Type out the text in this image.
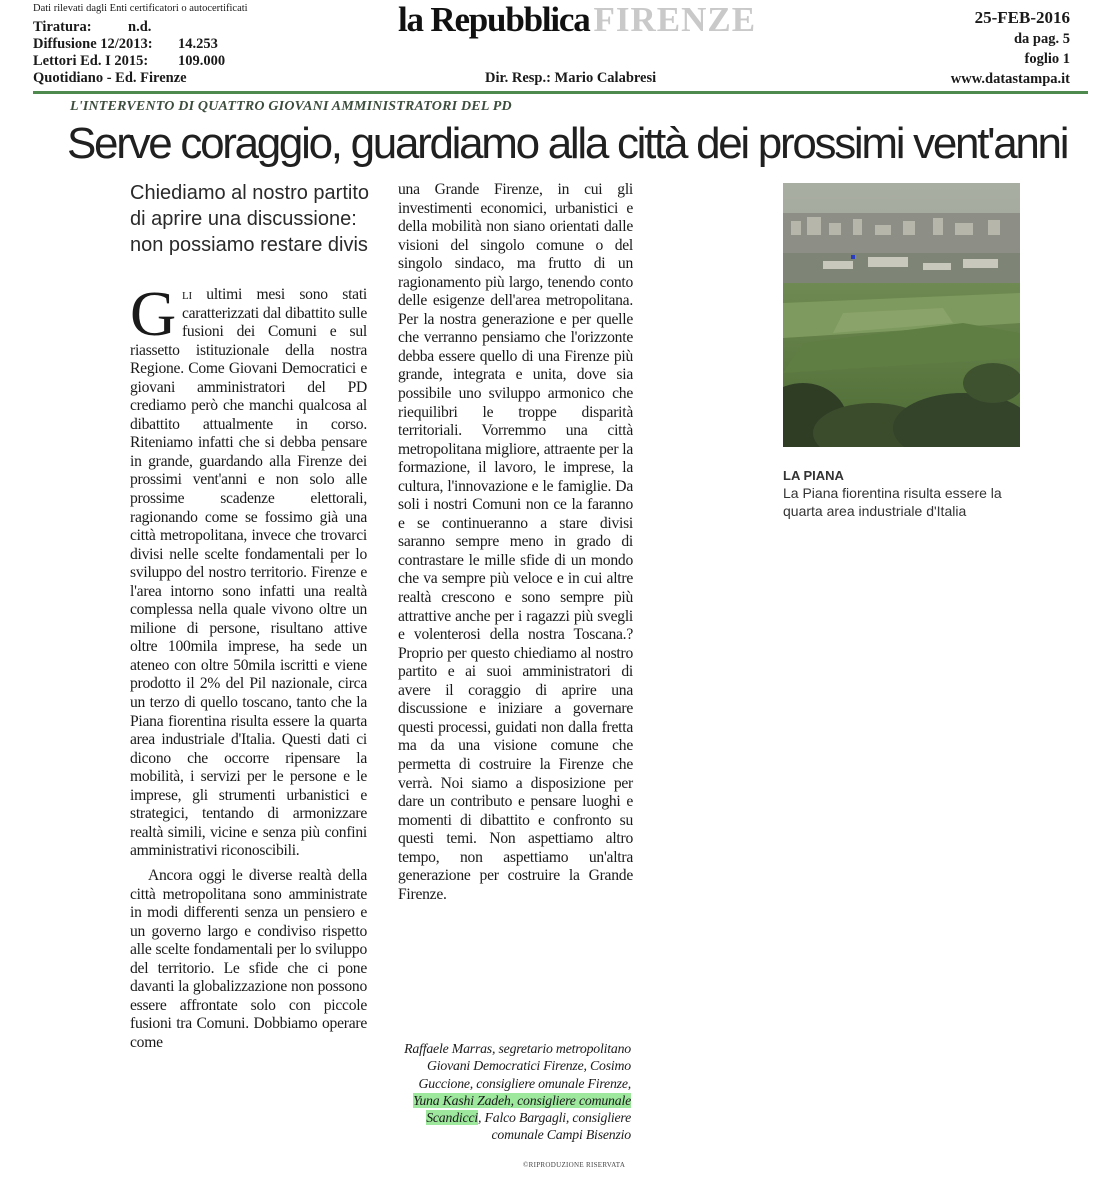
Dati rilevati dagli Enti certificatori o autocertificati
Tiratura:	n.d.
Diffusione 12/2013: 14.253
Lettori Ed. I 2015: 109.000
Quotidiano - Ed. Firenze
la Repubblica FIRENZE
Dir. Resp.: Mario Calabresi
25-FEB-2016
da pag. 5
foglio 1
www.datastampa.it
L'INTERVENTO DI QUATTRO GIOVANI AMMINISTRATORI DEL PD
Serve coraggio, guardiamo alla città dei prossimi vent'anni

Chiediamo al nostro partito di aprire una discussione: non possiamo restare divis

Gli ultimi mesi sono stati caratterizzati dal dibattito sulle fusioni dei Comuni e sul riassetto istituzionale della nostra Regione. Come Giovani Democratici e giovani amministratori del PD crediamo però che manchi qualcosa al dibattito attualmente in corso. Riteniamo infatti che si debba pensare in grande, guardando alla Firenze dei prossimi vent'anni e non solo alle prossime scadenze elettorali, ragionando come se fossimo già una città metropolitana, invece che trovarci divisi nelle scelte fondamentali per lo sviluppo del nostro territorio. Firenze e l'area intorno sono infatti una realtà complessa nella quale vivono oltre un milione di persone, risultano attive oltre 100mila imprese, ha sede un ateneo con oltre 50mila iscritti e viene prodotto il 2% del Pil nazionale, circa un terzo di quello toscano, tanto che la Piana fiorentina risulta essere la quarta area industriale d'Italia. Questi dati ci dicono che occorre ripensare la mobilità, i servizi per le persone e le imprese, gli strumenti urbanistici e strategici, tentando di armonizzare realtà simili, vicine e senza più confini amministrativi riconoscibili.

Ancora oggi le diverse realtà della città metropolitana sono amministrate in modi differenti senza un pensiero e un governo largo e condiviso rispetto alle scelte fondamentali per lo sviluppo del territorio. Le sfide che ci pone davanti la globalizzazione non possono essere affrontate solo con piccole fusioni tra Comuni. Dobbiamo operare come

una Grande Firenze, in cui gli investimenti economici, urbanistici e della mobilità non siano orientati dalle visioni del singolo comune o del singolo sindaco, ma frutto di un ragionamento più largo, tenendo conto delle esigenze dell'area metropolitana. Per la nostra generazione e per quelle che verranno pensiamo che l'orizzonte debba essere quello di una Firenze più grande, integrata e unita, dove sia possibile uno sviluppo armonico che riequilibri le troppe disparità territoriali. Vorremmo una città metropolitana migliore, attraente per la formazione, il lavoro, le imprese, la cultura, l'innovazione e le famiglie. Da soli i nostri Comuni non ce la faranno e se continueranno a stare divisi saranno sempre meno in grado di contrastare le mille sfide di un mondo che va sempre più veloce e in cui altre realtà crescono e sono sempre più attrattive anche per i ragazzi più svegli e volenterosi della nostra Toscana.?Proprio per questo chiediamo al nostro partito e ai suoi amministratori di avere il coraggio di aprire una discussione e iniziare a governare questi processi, guidati non dalla fretta ma da una visione comune che permetta di costruire la Firenze che verrà. Noi siamo a disposizione per dare un contributo e pensare luoghi e momenti di dibattito e confronto su questi temi. Non aspettiamo altro tempo, non aspettiamo un'altra generazione per costruire la Grande Firenze.

Raffaele Marras, segretario metropolitano Giovani Democratici Firenze, Cosimo Guccione, consigliere omunale Firenze, Yuna Kashi Zadeh, consigliere comunale Scandicci, Falco Bargagli, consigliere comunale Campi Bisenzio
©RIPRODUZIONE RISERVATA
LA PIANA
La Piana fiorentina risulta essere la quarta area industriale d'Italia
